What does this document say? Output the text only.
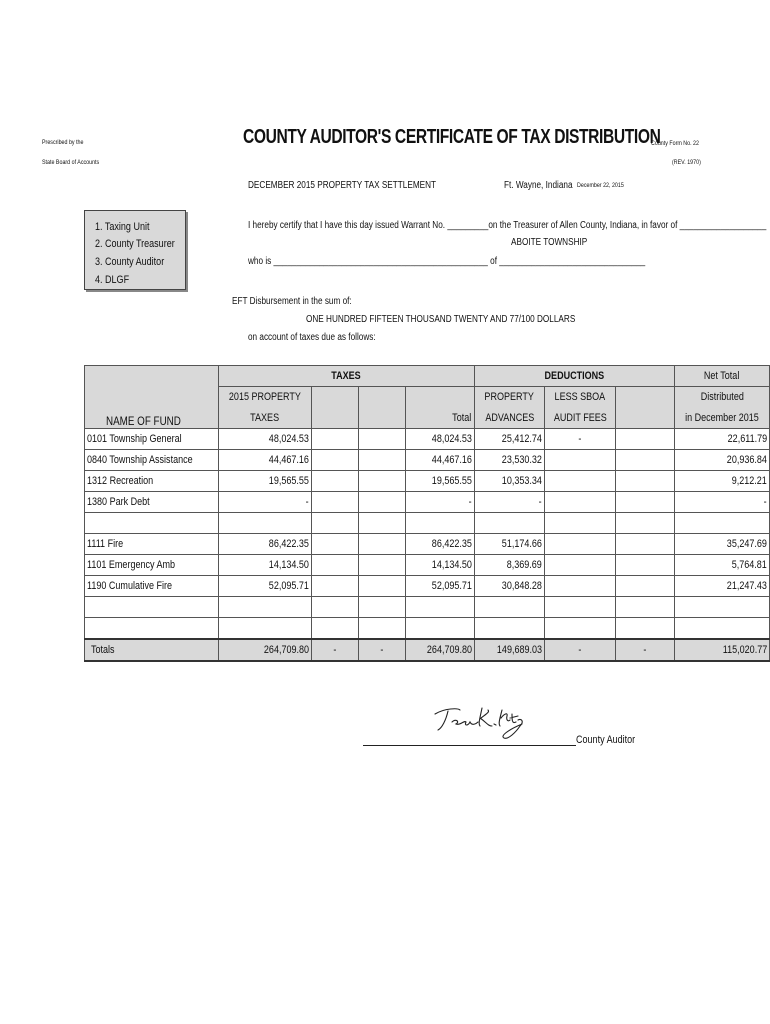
Prescribed by the
State Board of Accounts
COUNTY AUDITOR'S CERTIFICATE OF TAX DISTRIBUTION
County Form No. 22
(REV. 1970)
DECEMBER 2015 PROPERTY TAX SETTLEMENT	Ft. Wayne, Indiana December 22, 2015
1. Taxing Unit
2. County Treasurer
3. County Auditor
4. DLGF
I hereby certify that I have this day issued Warrant No. _________on the Treasurer of Allen County, Indiana, in favor of ___________________
ABOITE TOWNSHIP
who is _______________________________________________ of ________________________________
EFT Disbursement in the sum of:
ONE HUNDRED FIFTEEN THOUSAND TWENTY AND 77/100 DOLLARS
on account of taxes due as follows:
NAME OF FUND	TAXES				DEDUCTIONS			Net Total
	2015 PROPERTY				PROPERTY	LESS SBOA		Distributed
	TAXES			Total	ADVANCES	AUDIT FEES		in December 2015
0101 Township General	48,024.53			48,024.53	25,412.74	-		22,611.79
0840 Township Assistance	44,467.16			44,467.16	23,530.32			20,936.84
1312 Recreation	19,565.55			19,565.55	10,353.34			9,212.21
1380 Park Debt	-			-	-			-

1111 Fire	86,422.35			86,422.35	51,174.66			35,247.69
1101 Emergency Amb	14,134.50			14,134.50	8,369.69			5,764.81
1190 Cumulative Fire	52,095.71			52,095.71	30,848.28			21,247.43

Totals	264,709.80	-	-	264,709.80	149,689.03	-	-	115,020.77
County Auditor
